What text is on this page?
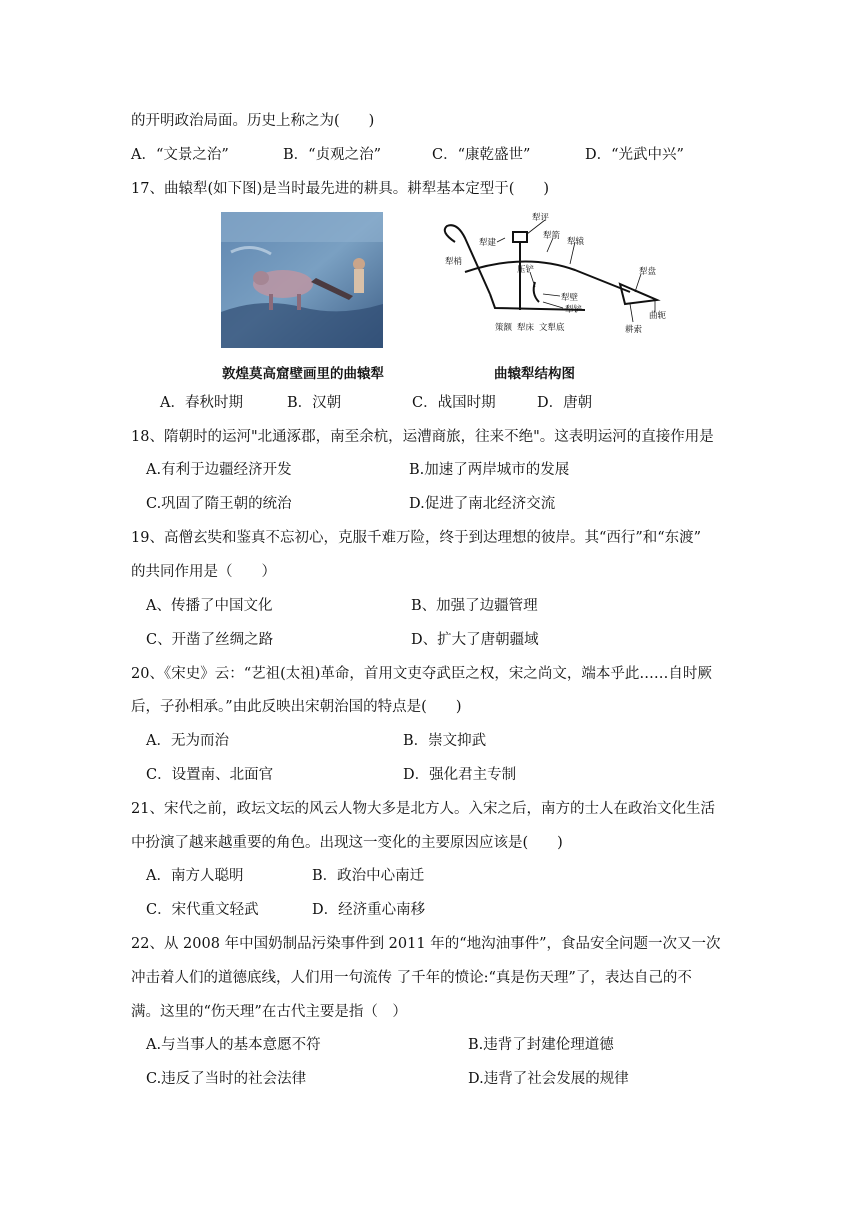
的开明政治局面。历史上称之为(　　)
A．“文景之治”	B．“贞观之治”	C．“康乾盛世”	D．“光武中兴”
17、曲辕犁(如下图)是当时最先进的耕具。耕犁基本定型于(　　)
犁评
犁建
犁箭
犁辕
犁梢
压铲
犁壁
犁铲
犁盘
曲轭
耕索
策额 犁床 文犁底
敦煌莫高窟壁画里的曲辕犁	曲辕犁结构图
A．春秋时期	B．汉朝	C．战国时期	D．唐朝
18、隋朝时的运河"北通涿郡，南至余杭，运漕商旅，往来不绝"。这表明运河的直接作用是
A.有利于边疆经济开发	B.加速了两岸城市的发展
C.巩固了隋王朝的统治	D.促进了南北经济交流
19、高僧玄奘和鉴真不忘初心，克服千难万险，终于到达理想的彼岸。其“西行”和“东渡”
的共同作用是（　　）
A、传播了中国文化	B、加强了边疆管理
C、开凿了丝绸之路	D、扩大了唐朝疆域
20、《宋史》云：“艺祖(太祖)革命，首用文吏夺武臣之权，宋之尚文，端本乎此……自时厥
后，子孙相承。”由此反映出宋朝治国的特点是(　　)
A．无为而治	B．崇文抑武
C．设置南、北面官	D．强化君主专制
21、宋代之前，政坛文坛的风云人物大多是北方人。入宋之后，南方的士人在政治文化生活
中扮演了越来越重要的角色。出现这一变化的主要原因应该是(　　)
A．南方人聪明	B．政治中心南迁
C．宋代重文轻武	D．经济重心南移
22、从 2008 年中国奶制品污染事件到 2011 年的“地沟油事件”，食品安全问题一次又一次
冲击着人们的道德底线，人们用一句流传 了千年的愤论:“真是伤天理”了，表达自己的不
满。这里的“伤天理”在古代主要是指（　）
A.与当事人的基本意愿不符	B.违背了封建伦理道德
C.违反了当时的社会法律	D.违背了社会发展的规律
